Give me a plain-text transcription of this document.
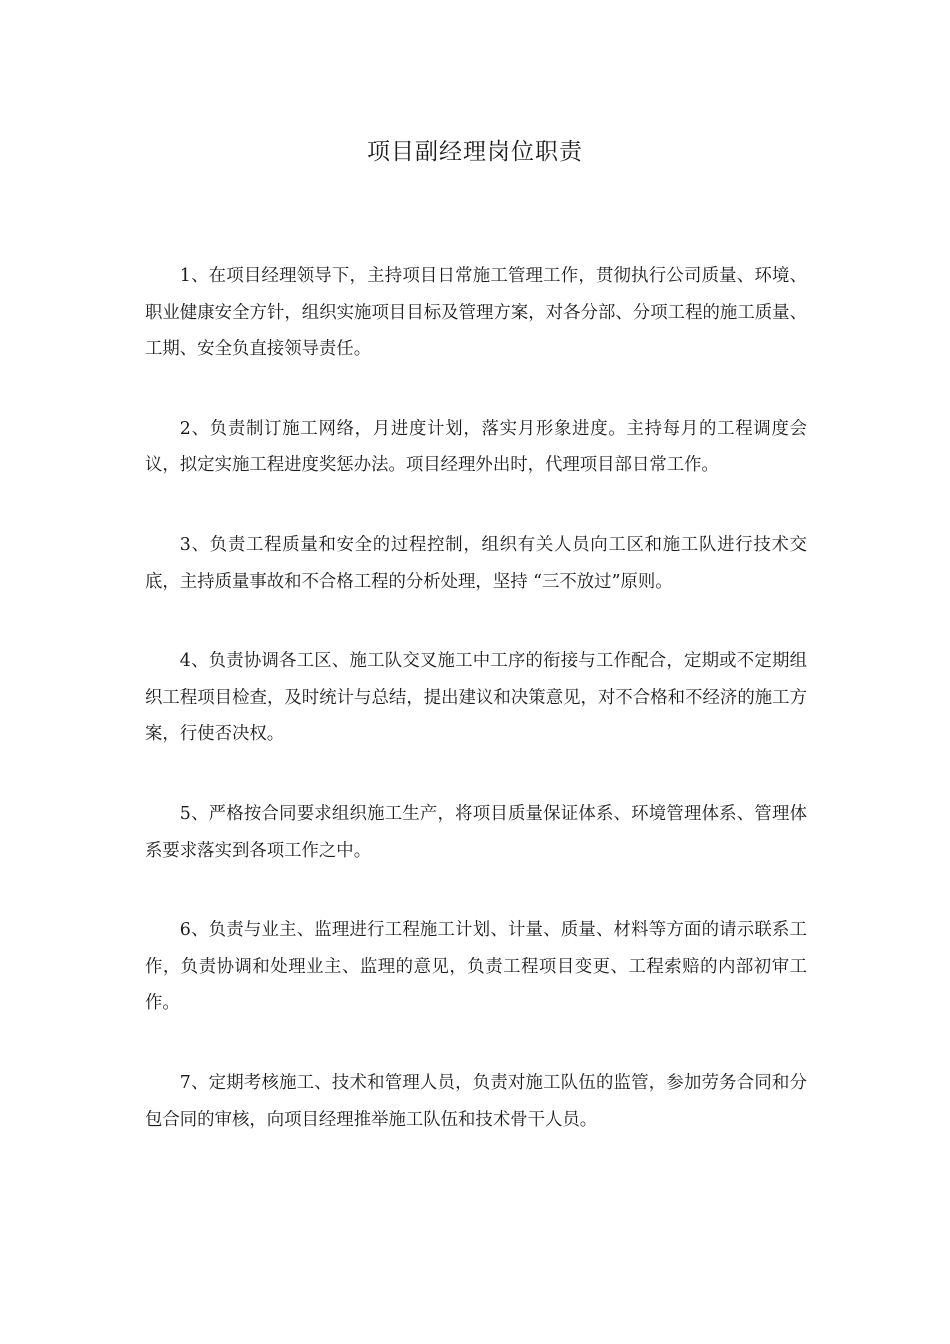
项目副经理岗位职责

1、在项目经理领导下，主持项目日常施工管理工作，贯彻执行公司质量、环境、职业健康安全方针，组织实施项目目标及管理方案，对各分部、分项工程的施工质量、工期、安全负直接领导责任。

2、负责制订施工网络，月进度计划，落实月形象进度。主持每月的工程调度会议，拟定实施工程进度奖惩办法。项目经理外出时，代理项目部日常工作。

3、负责工程质量和安全的过程控制，组织有关人员向工区和施工队进行技术交底，主持质量事故和不合格工程的分析处理，坚持 “三不放过”原则。

4、负责协调各工区、施工队交叉施工中工序的衔接与工作配合，定期或不定期组织工程项目检查，及时统计与总结，提出建议和决策意见，对不合格和不经济的施工方案，行使否决权。

5、严格按合同要求组织施工生产，将项目质量保证体系、环境管理体系、管理体系要求落实到各项工作之中。

6、负责与业主、监理进行工程施工计划、计量、质量、材料等方面的请示联系工作，负责协调和处理业主、监理的意见，负责工程项目变更、工程索赔的内部初审工作。

7、定期考核施工、技术和管理人员，负责对施工队伍的监管，参加劳务合同和分包合同的审核，向项目经理推举施工队伍和技术骨干人员。
